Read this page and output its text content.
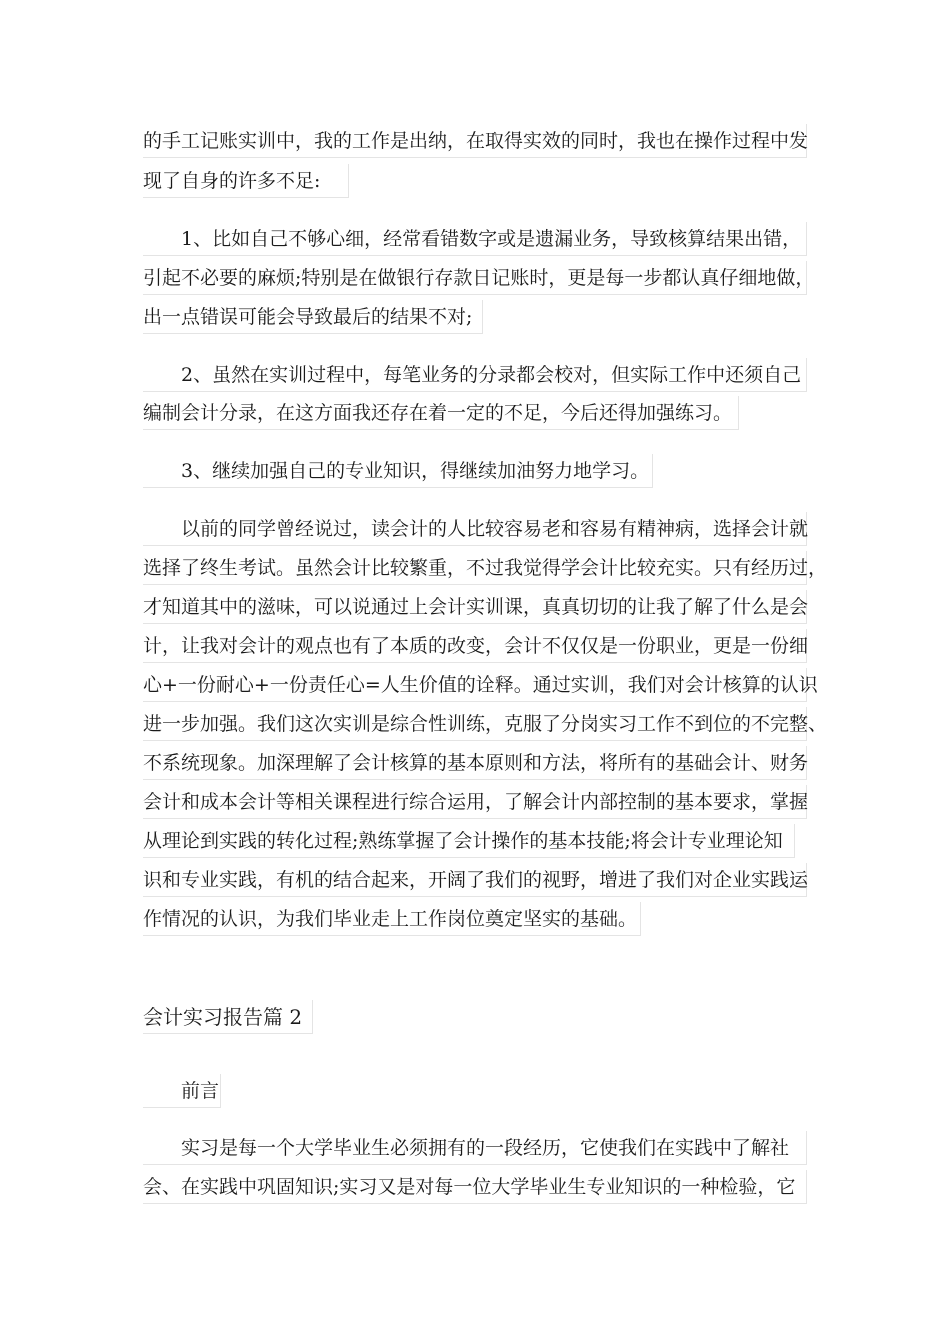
的手工记账实训中，我的工作是出纳，在取得实效的同时，我也在操作过程中发
现了自身的许多不足:
1、比如自己不够心细，经常看错数字或是遗漏业务，导致核算结果出错，
引起不必要的麻烦;特别是在做银行存款日记账时，更是每一步都认真仔细地做，
出一点错误可能会导致最后的结果不对;
2、虽然在实训过程中，每笔业务的分录都会校对，但实际工作中还须自己
编制会计分录，在这方面我还存在着一定的不足，今后还得加强练习。
3、继续加强自己的专业知识，得继续加油努力地学习。
以前的同学曾经说过，读会计的人比较容易老和容易有精神病，选择会计就
选择了终生考试。虽然会计比较繁重，不过我觉得学会计比较充实。只有经历过，
才知道其中的滋味，可以说通过上会计实训课，真真切切的让我了解了什么是会
计，让我对会计的观点也有了本质的改变，会计不仅仅是一份职业，更是一份细
心+一份耐心+一份责任心=人生价值的诠释。通过实训，我们对会计核算的认识
进一步加强。我们这次实训是综合性训练，克服了分岗实习工作不到位的不完整、
不系统现象。加深理解了会计核算的基本原则和方法，将所有的基础会计、财务
会计和成本会计等相关课程进行综合运用，了解会计内部控制的基本要求，掌握
从理论到实践的转化过程;熟练掌握了会计操作的基本技能;将会计专业理论知
识和专业实践，有机的结合起来，开阔了我们的视野，增进了我们对企业实践运
作情况的认识，为我们毕业走上工作岗位奠定坚实的基础。
会计实习报告篇 2
前言
实习是每一个大学毕业生必须拥有的一段经历，它使我们在实践中了解社
会、在实践中巩固知识;实习又是对每一位大学毕业生专业知识的一种检验，它
